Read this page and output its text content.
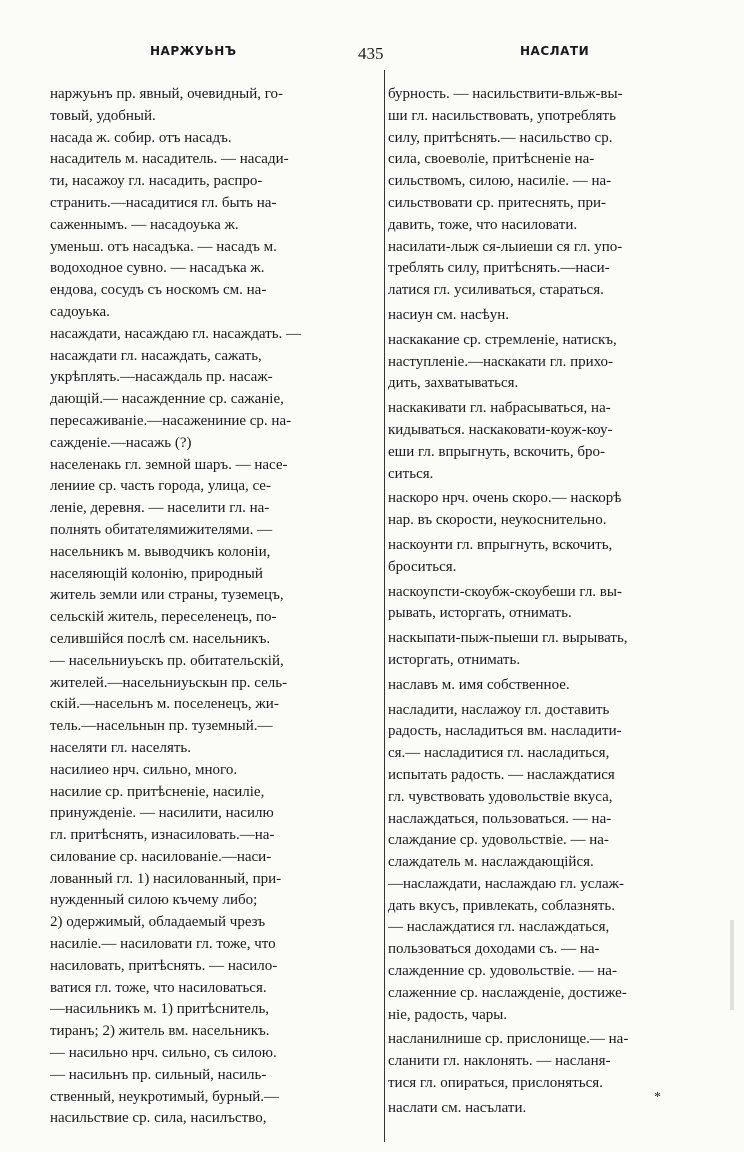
НАРЖУЬНЪ	435	НАСЛАТИ
наржуьнъ пр. явный, очевидный, го-
товый, удобный.
насада ж. собир. отъ насадъ.
насадитель м. насадитель. — насади-
ти, насажоу гл. насадить, распро-
странить.—насадитися гл. быть на-
саженнымъ. — насадоуька ж.
уменьш. отъ насадъка. — насадъ м.
водоходное сувно. — насадъка ж.
ендова, сосудъ съ носкомъ см. на-
садоуька.
насаждати, насаждаю гл. насаждать. —
насаждати гл. насаждать, сажать,
укрѣплять.—насаждаль пр. насаж-
дающій.— насажденние ср. сажаніе,
пересаживаніе.—насажениние ср. на-
сажденіе.—насажь (?)
населенакь гл. земной шаръ. — насе-
лениие ср. часть города, улица, се-
леніе, деревня. — населити гл. на-
полнять обитателямижителями. —
насельникъ м. выводчикъ колоніи,
населяющій колонію, природный
житель земли или страны, туземецъ,
сельскій житель, переселенецъ, по-
селившійся послѣ см. насельникъ.
— насельниуьскъ пр. обитательскій,
жителей.—насельниуьскын пр. сель-
скій.—насельнъ м. поселенецъ, жи-
тель.—насельнын пр. туземный.—
населяти гл. населять.
насилиео нрч. сильно, много.
насилие ср. притѣсненіе, насиліе,
принужденіе. — насилити, насилю
гл. притѣснять, изнасиловать.—на-
силование ср. насилованіе.—наси-
лованный гл. 1) насилованный, при-
нужденный силою къчему либо;
2) одержимый, обладаемый чрезъ
насиліе.— насиловати гл. тоже, что
насиловать, притѣснять. — насило-
ватися гл. тоже, что насиловаться.
—насильникъ м. 1) притѣснитель,
тиранъ; 2) житель вм. насельникъ.
— насильно нрч. сильно, съ силою.
— насильнъ пр. сильный, насиль-
ственный, неукротимый, бурный.—
насильствие ср. сила, насилъство,
бурность. — насильствити-вльж-вы-
ши гл. насильствовать, употреблять
силу, притѣснять.— насильство ср.
сила, своеволіе, притѣсненіе на-
сильствомъ, силою, насиліе. — на-
сильствовати ср. притеснять, при-
давить, тоже, что насиловати.
насилати-лыж ся-лыиеши ся гл. упо-
треблять силу, притѣснять.—наси-
латися гл. усиливаться, стараться.
насиун см. насѣун.
наскакание ср. стремленіе, натискъ,
наступленіе.—наскакати гл. прихо-
дить, захватываться.
наскакивати гл. набрасываться, на-
кидываться. наскаковати-коуж-коу-
еши гл. впрыгнуть, вскочить, бро-
ситься.
наскоро нрч. очень скоро.— наскорѣ
нар. въ скорости, неукоснительно.
наскоунти гл. впрыгнуть, вскочить,
броситься.
наскоупсти-скоубж-скоубеши гл. вы-
рывать, исторгать, отнимать.
наскыпати-пыж-пыеши гл. вырывать,
исторгать, отнимать.
наславъ м. имя собственное.
насладити, наслажоу гл. доставить
радость, насладиться вм. насладити-
ся.— насладитися гл. насладиться,
испытать радость. — наслаждатися
гл. чувствовать удовольствіе вкуса,
наслаждаться, пользоваться. — на-
слаждание ср. удовольствіе. — на-
слаждатель м. наслаждающійся.
—наслаждати, наслаждаю гл. услаж-
дать вкусъ, привлекать, соблазнять.
— наслаждатися гл. наслаждаться,
пользоваться доходами съ. — на-
слажденние ср. удовольствіе. — на-
слаженние ср. наслажденіе, достиже-
ніе, радость, чары.
насланилнише ср. прислонище.— на-
сланити гл. наклонять. — насланя-
тися гл. опираться, прислоняться.
наслати см. насълати.
*
